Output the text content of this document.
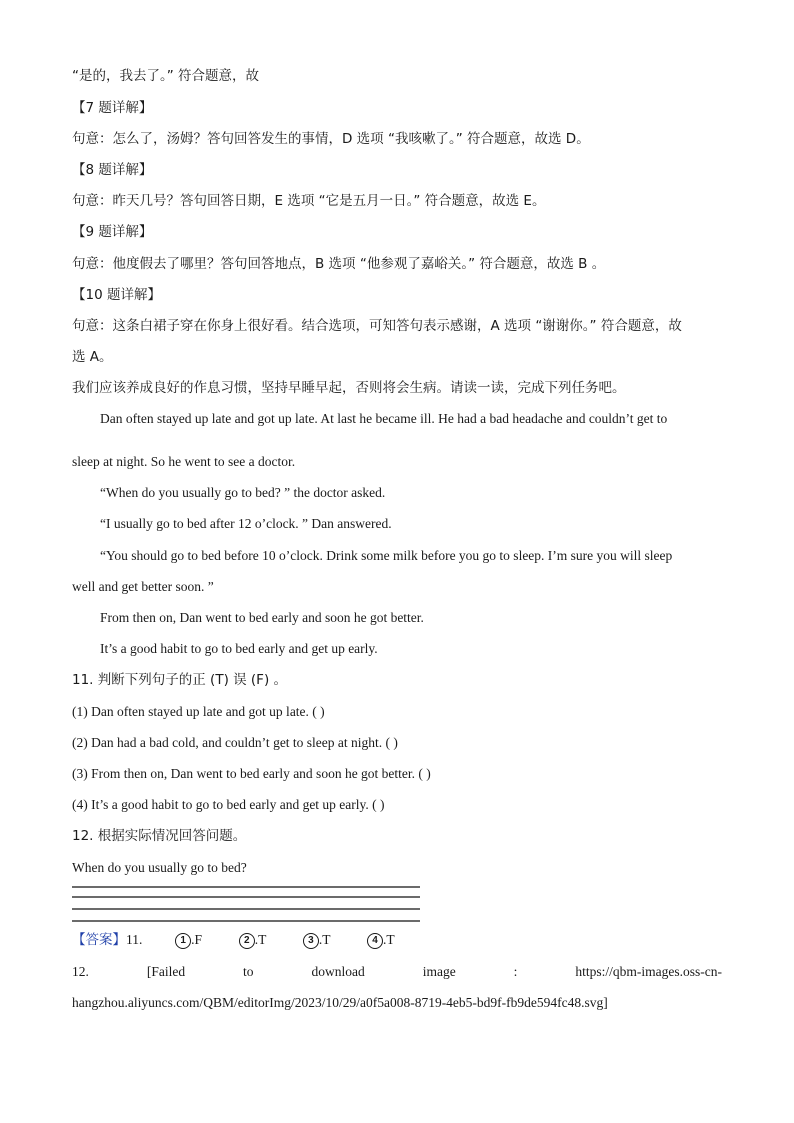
“是的，我去了。” 符合题意，故
【7 题详解】
句意：怎么了，汤姆？答句回答发生的事情，D 选项 “我咳嗽了。” 符合题意，故选 D。
【8 题详解】
句意：昨天几号？答句回答日期，E 选项 “它是五月一日。” 符合题意，故选 E。
【9 题详解】
句意：他度假去了哪里？答句回答地点，B 选项 “他参观了嘉峪关。” 符合题意，故选 B 。
【10 题详解】
句意：这条白裙子穿在你身上很好看。结合选项，可知答句表示感谢，A 选项 “谢谢你。” 符合题意，故
选 A。
我们应该养成良好的作息习惯，坚持早睡早起，否则将会生病。请读一读，完成下列任务吧。
Dan often stayed up late and got up late. At last he became ill. He had a bad headache and couldn’t get to
sleep at night. So he went to see a doctor.
“When do you usually go to bed? ” the doctor asked.
“I usually go to bed after 12 o’clock. ” Dan answered.
“You should go to bed before 10 o’clock. Drink some milk before you go to sleep. I’m sure you will sleep
well and get better soon. ”
From then on, Dan went to bed early and soon he got better.
It’s a good habit to go to bed early and get up early.
11. 判断下列句子的正 (T) 误 (F) 。
(1) Dan often stayed up late and got up late. ( )
(2) Dan had a bad cold, and couldn’t get to sleep at night. ( )
(3) From then on, Dan went to bed early and soon he got better. ( )
(4) It’s a good habit to go to bed early and get up early. ( )
12. 根据实际情况回答问题。
When do you usually go to bed?
【答案】11.	1 .F	2 .T	3 .T	4 .T
12.	[Failed	to	download	image	:	https://qbm-images.oss-cn-
hangzhou.aliyuncs.com/QBM/editorImg/2023/10/29/a0f5a008-8719-4eb5-bd9f-fb9de594fc48.svg]
